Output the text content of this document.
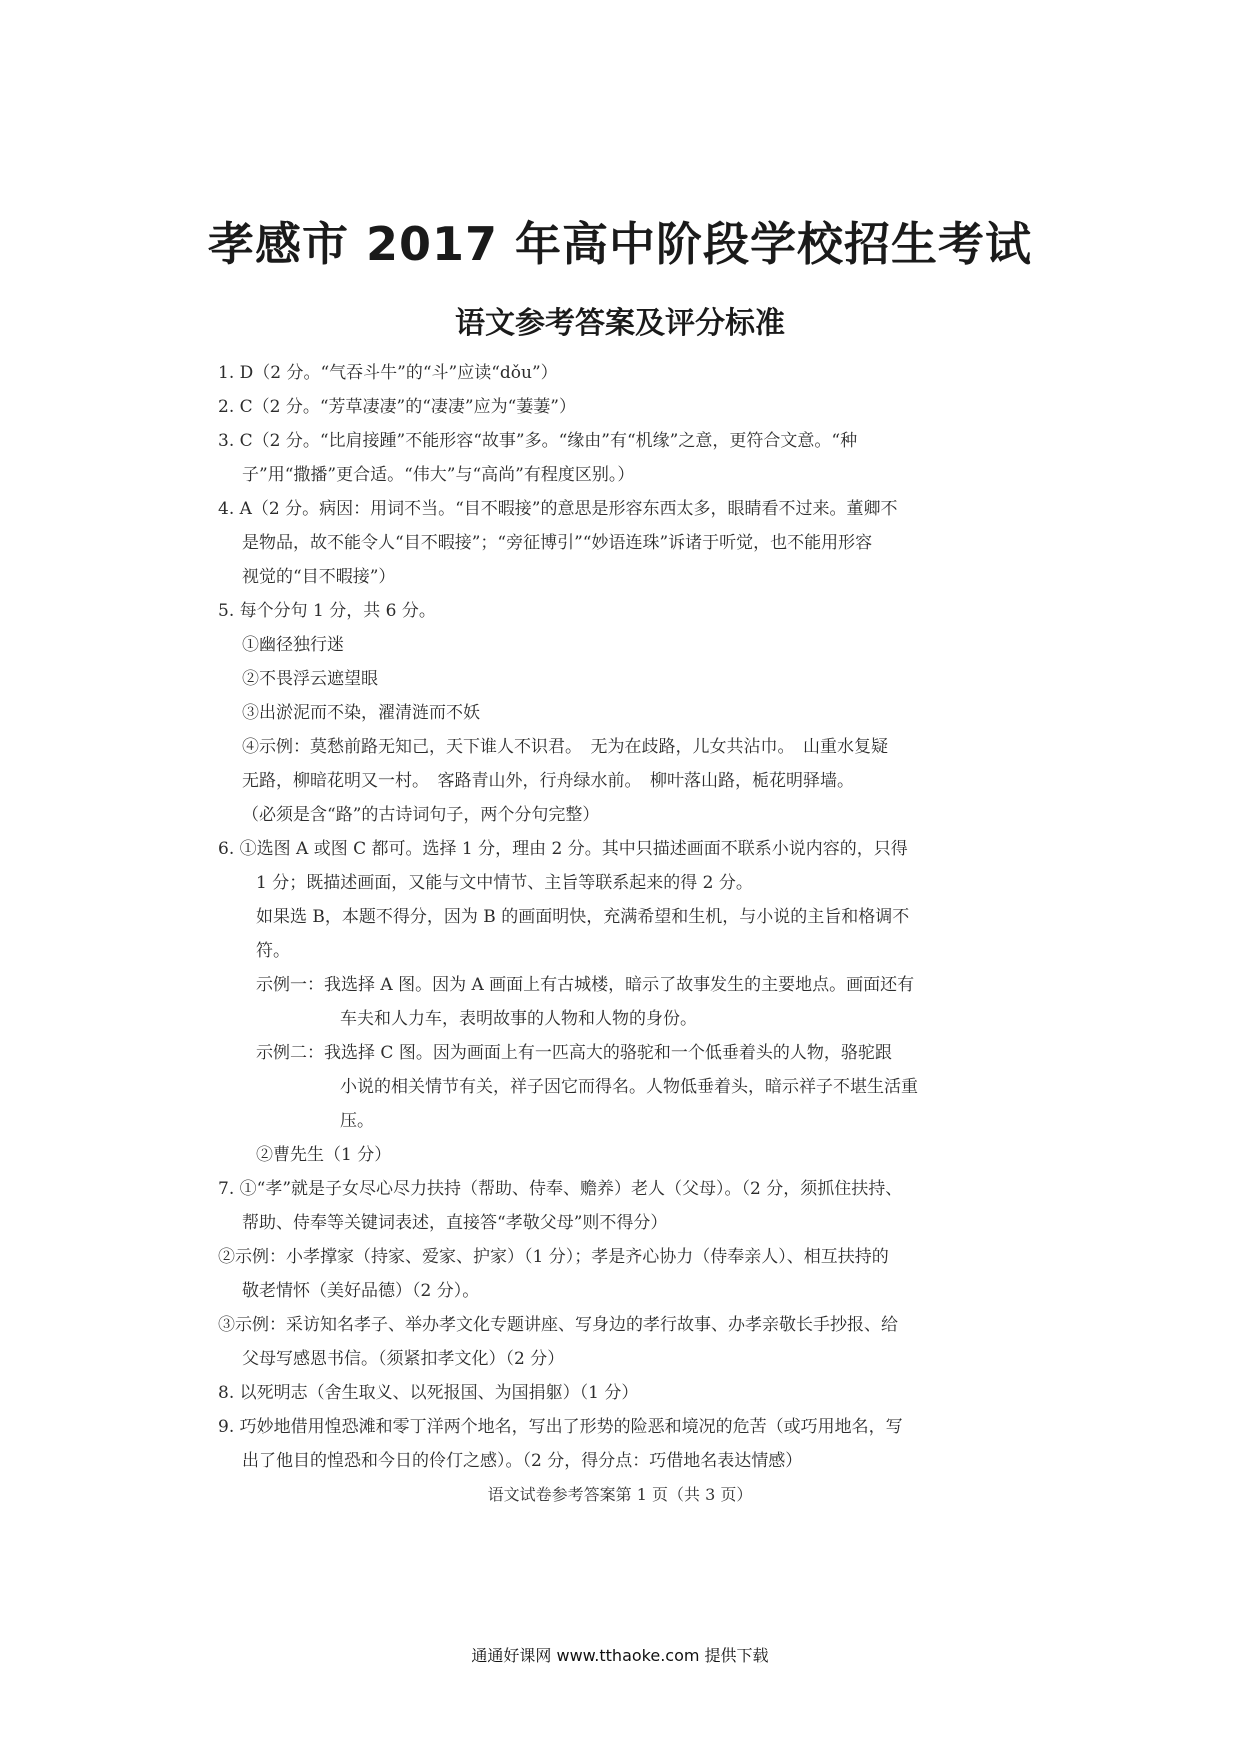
孝感市 2017 年高中阶段学校招生考试
语文参考答案及评分标准

1. D（2 分。“气吞斗牛”的“斗”应读“dǒu”）

2. C（2 分。“芳草凄凄”的“凄凄”应为“萋萋”）

3. C（2 分。“比肩接踵”不能形容“故事”多。“缘由”有“机缘”之意，更符合文意。“种

子”用“撒播”更合适。“伟大”与“高尚”有程度区别。）

4. A（2 分。病因：用词不当。“目不暇接”的意思是形容东西太多，眼睛看不过来。董卿不

是物品，故不能令人“目不暇接”；“旁征博引”“妙语连珠”诉诸于听觉，也不能用形容

视觉的“目不暇接”）

5. 每个分句 1 分，共 6 分。

①幽径独行迷

②不畏浮云遮望眼

③出淤泥而不染，濯清涟而不妖

④示例：莫愁前路无知己，天下谁人不识君。　无为在歧路，儿女共沾巾。　山重水复疑

无路，柳暗花明又一村。　客路青山外，行舟绿水前。　柳叶落山路，栀花明驿墙。

（必须是含“路”的古诗词句子，两个分句完整）

6. ①选图 A 或图 C 都可。选择 1 分，理由 2 分。其中只描述画面不联系小说内容的，只得

1 分；既描述画面，又能与文中情节、主旨等联系起来的得 2 分。

如果选 B，本题不得分，因为 B 的画面明快，充满希望和生机，与小说的主旨和格调不

符。

示例一：我选择 A 图。因为 A 画面上有古城楼，暗示了故事发生的主要地点。画面还有

车夫和人力车，表明故事的人物和人物的身份。

示例二：我选择 C 图。因为画面上有一匹高大的骆驼和一个低垂着头的人物，骆驼跟

小说的相关情节有关，祥子因它而得名。人物低垂着头，暗示祥子不堪生活重

压。

②曹先生（1 分）

7. ①“孝”就是子女尽心尽力扶持（帮助、侍奉、赡养）老人（父母）。（2 分，须抓住扶持、

帮助、侍奉等关键词表述，直接答“孝敬父母”则不得分）

②示例：小孝撑家（持家、爱家、护家）（1 分）；孝是齐心协力（侍奉亲人）、相互扶持的

敬老情怀（美好品德）（2 分）。

③示例：采访知名孝子、举办孝文化专题讲座、写身边的孝行故事、办孝亲敬长手抄报、给

父母写感恩书信。（须紧扣孝文化）（2 分）

8. 以死明志（舍生取义、以死报国、为国捐躯）（1 分）

9. 巧妙地借用惶恐滩和零丁洋两个地名，写出了形势的险恶和境况的危苦（或巧用地名，写

出了他目的惶恐和今日的伶仃之感）。（2 分，得分点：巧借地名表达情感）

语文试卷参考答案第 1 页（共 3 页）
通通好课网 www.tthaoke.com 提供下载
